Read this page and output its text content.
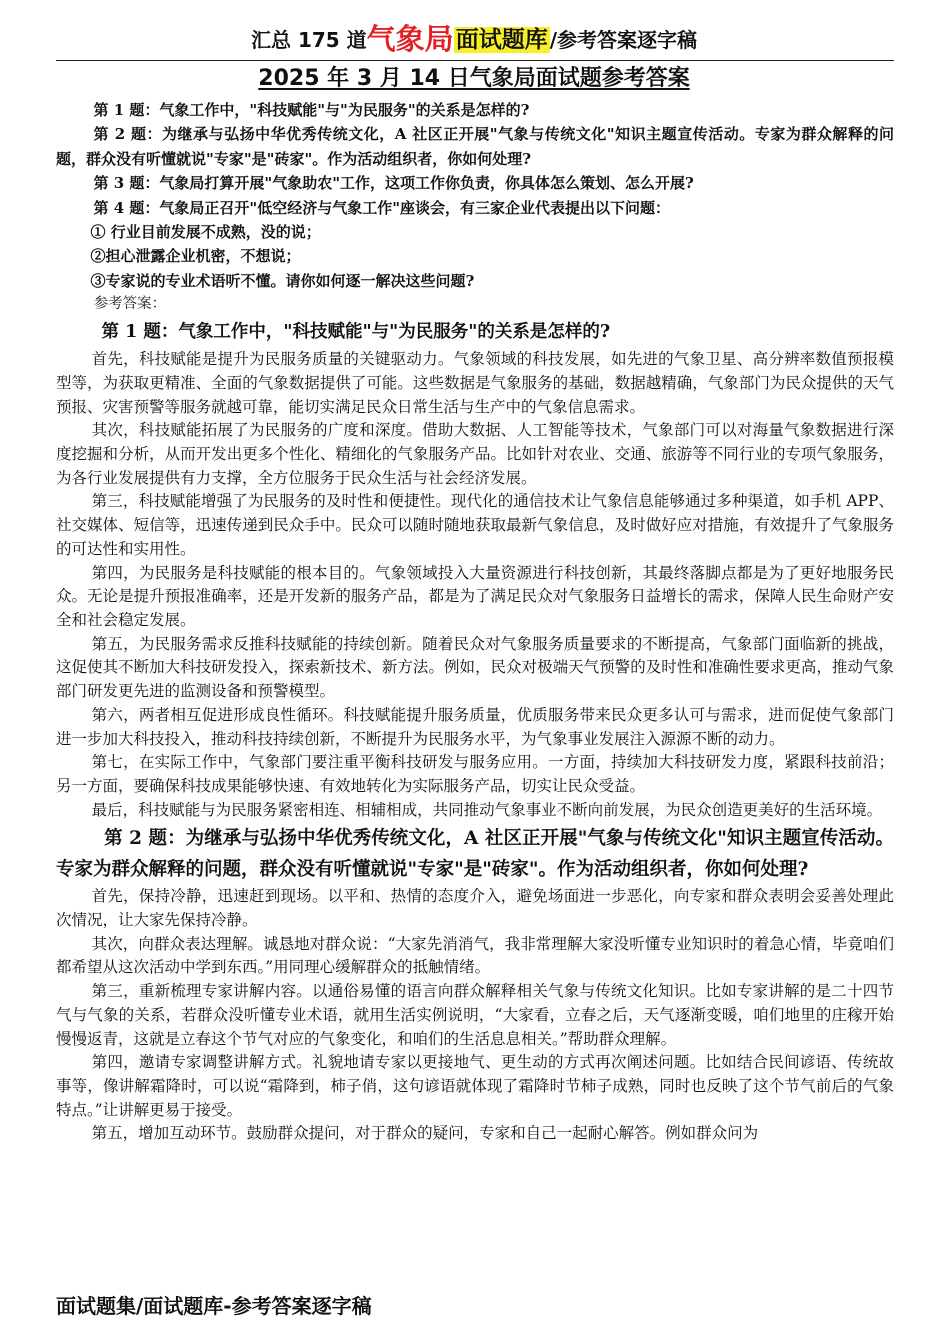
汇总 175 道气象局面试题库 /参考答案逐字稿
2025 年 3 月 14 日气象局面试题参考答案

第 1 题：气象工作中，"科技赋能"与"为民服务"的关系是怎样的?

第 2 题：为继承与弘扬中华优秀传统文化，A 社区正开展"气象与传统文化"知识主题宣传活动。专家为群众解释的问题，群众没有听懂就说"专家"是"砖家"。作为活动组织者，你如何处理?

第 3 题：气象局打算开展"气象助农"工作，这项工作你负责，你具体怎么策划、怎么开展?

第 4 题：气象局正召开"低空经济与气象工作"座谈会，有三家企业代表提出以下问题：

① 行业目前发展不成熟，没的说；

②担心泄露企业机密，不想说；

③专家说的专业术语听不懂。请你如何逐一解决这些问题?

参考答案：

第 1 题：气象工作中，"科技赋能"与"为民服务"的关系是怎样的?

首先，科技赋能是提升为民服务质量的关键驱动力。气象领域的科技发展，如先进的气象卫星、高分辨率数值预报模型等，为获取更精准、全面的气象数据提供了可能。这些数据是气象服务的基础，数据越精确，气象部门为民众提供的天气预报、灾害预警等服务就越可靠，能切实满足民众日常生活与生产中的气象信息需求。

其次，科技赋能拓展了为民服务的广度和深度。借助大数据、人工智能等技术，气象部门可以对海量气象数据进行深度挖掘和分析，从而开发出更多个性化、精细化的气象服务产品。比如针对农业、交通、旅游等不同行业的专项气象服务，为各行业发展提供有力支撑，全方位服务于民众生活与社会经济发展。

第三，科技赋能增强了为民服务的及时性和便捷性。现代化的通信技术让气象信息能够通过多种渠道，如手机 APP、社交媒体、短信等，迅速传递到民众手中。民众可以随时随地获取最新气象信息，及时做好应对措施，有效提升了气象服务的可达性和实用性。

第四，为民服务是科技赋能的根本目的。气象领域投入大量资源进行科技创新，其最终落脚点都是为了更好地服务民众。无论是提升预报准确率，还是开发新的服务产品，都是为了满足民众对气象服务日益增长的需求，保障人民生命财产安全和社会稳定发展。

第五，为民服务需求反推科技赋能的持续创新。随着民众对气象服务质量要求的不断提高，气象部门面临新的挑战，这促使其不断加大科技研发投入，探索新技术、新方法。例如，民众对极端天气预警的及时性和准确性要求更高，推动气象部门研发更先进的监测设备和预警模型。

第六，两者相互促进形成良性循环。科技赋能提升服务质量，优质服务带来民众更多认可与需求，进而促使气象部门进一步加大科技投入，推动科技持续创新，不断提升为民服务水平，为气象事业发展注入源源不断的动力。

第七，在实际工作中，气象部门要注重平衡科技研发与服务应用。一方面，持续加大科技研发力度，紧跟科技前沿；另一方面，要确保科技成果能够快速、有效地转化为实际服务产品，切实让民众受益。

最后，科技赋能与为民服务紧密相连、相辅相成，共同推动气象事业不断向前发展，为民众创造更美好的生活环境。

第 2 题：为继承与弘扬中华优秀传统文化，A 社区正开展"气象与传统文化"知识主题宣传活动。专家为群众解释的问题，群众没有听懂就说"专家"是"砖家"。作为活动组织者，你如何处理?

首先，保持冷静，迅速赶到现场。以平和、热情的态度介入，避免场面进一步恶化，向专家和群众表明会妥善处理此次情况，让大家先保持冷静。

其次，向群众表达理解。诚恳地对群众说：“大家先消消气，我非常理解大家没听懂专业知识时的着急心情，毕竟咱们都希望从这次活动中学到东西。”用同理心缓解群众的抵触情绪。

第三，重新梳理专家讲解内容。以通俗易懂的语言向群众解释相关气象与传统文化知识。比如专家讲解的是二十四节气与气象的关系，若群众没听懂专业术语，就用生活实例说明，“大家看，立春之后，天气逐渐变暖，咱们地里的庄稼开始慢慢返青，这就是立春这个节气对应的气象变化，和咱们的生活息息相关。”帮助群众理解。

第四，邀请专家调整讲解方式。礼貌地请专家以更接地气、更生动的方式再次阐述问题。比如结合民间谚语、传统故事等，像讲解霜降时，可以说“霜降到，柿子俏，这句谚语就体现了霜降时节柿子成熟，同时也反映了这个节气前后的气象特点。”让讲解更易于接受。

第五，增加互动环节。鼓励群众提问，对于群众的疑问，专家和自己一起耐心解答。例如群众问为

面试题集/面试题库-参考答案逐字稿
